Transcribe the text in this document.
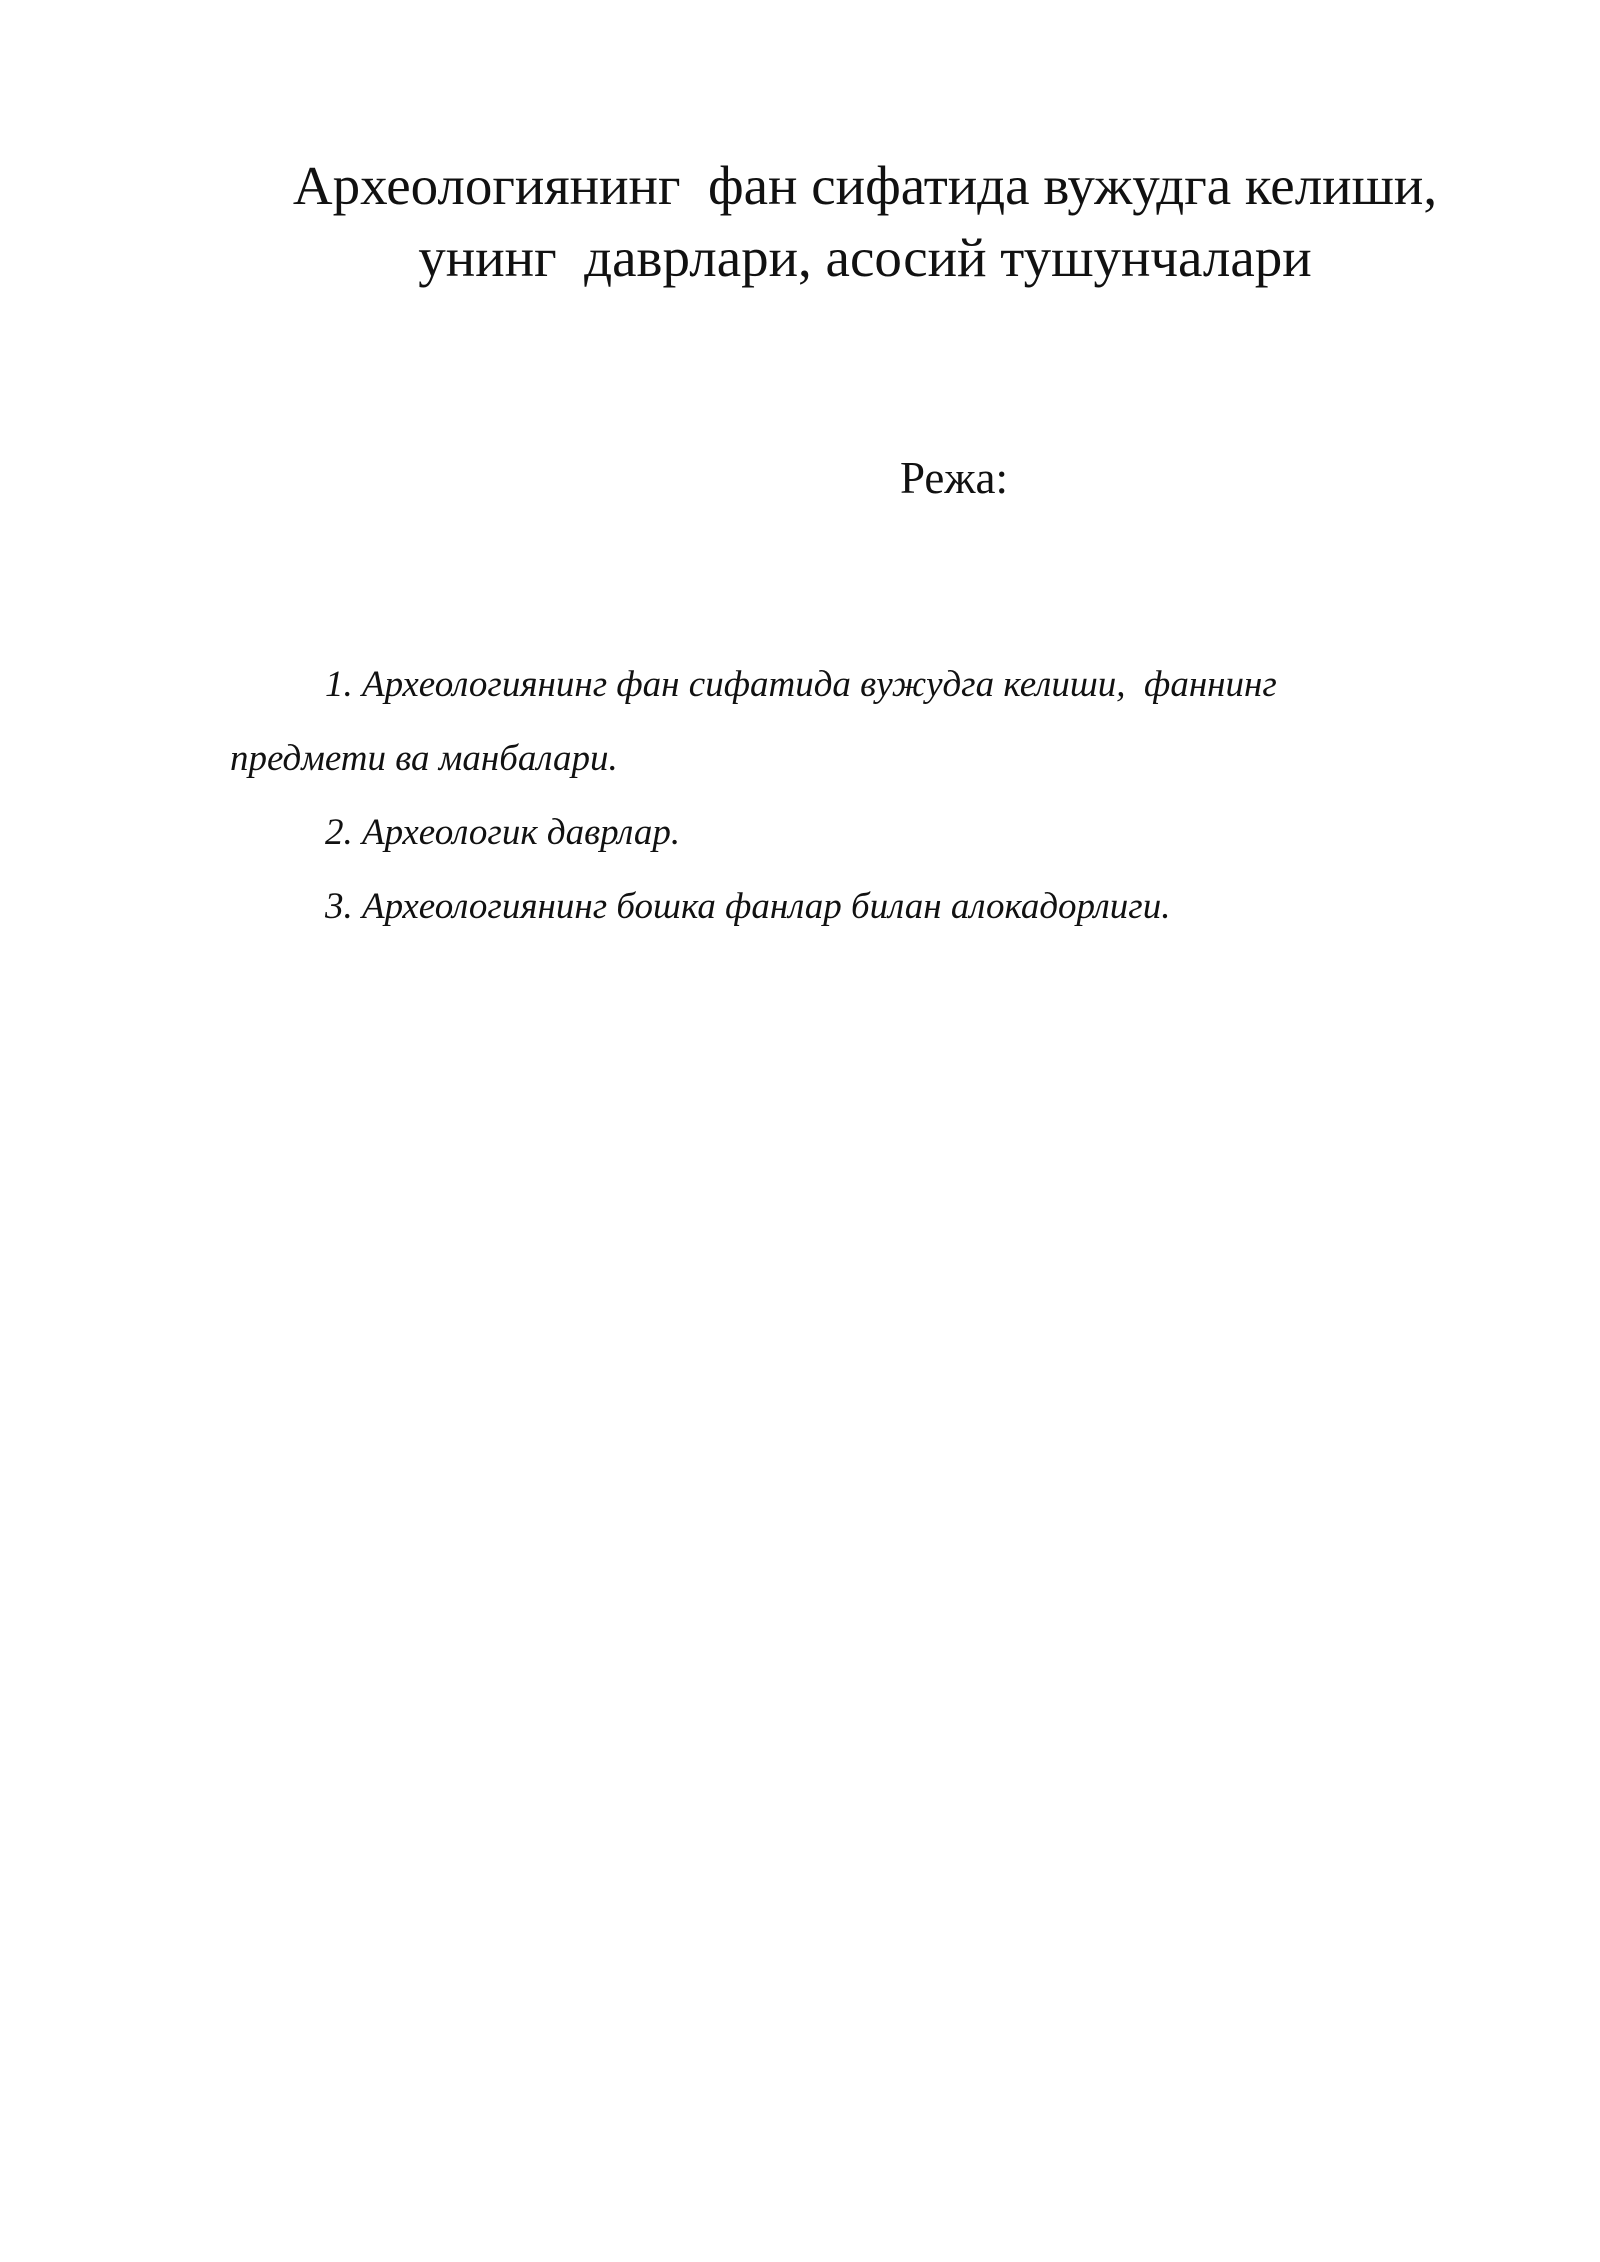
Археологиянинг  фан сифатида вужудга келиши,
унинг  даврлари, асосий тушунчалари

Режа:

1. Археологиянинг фан сифатида вужудга келиши,  фаннинг
предмети ва манбалари.
2. Археологик даврлар.
3. Археологиянинг бошка фанлар билан алокадорлиги.
